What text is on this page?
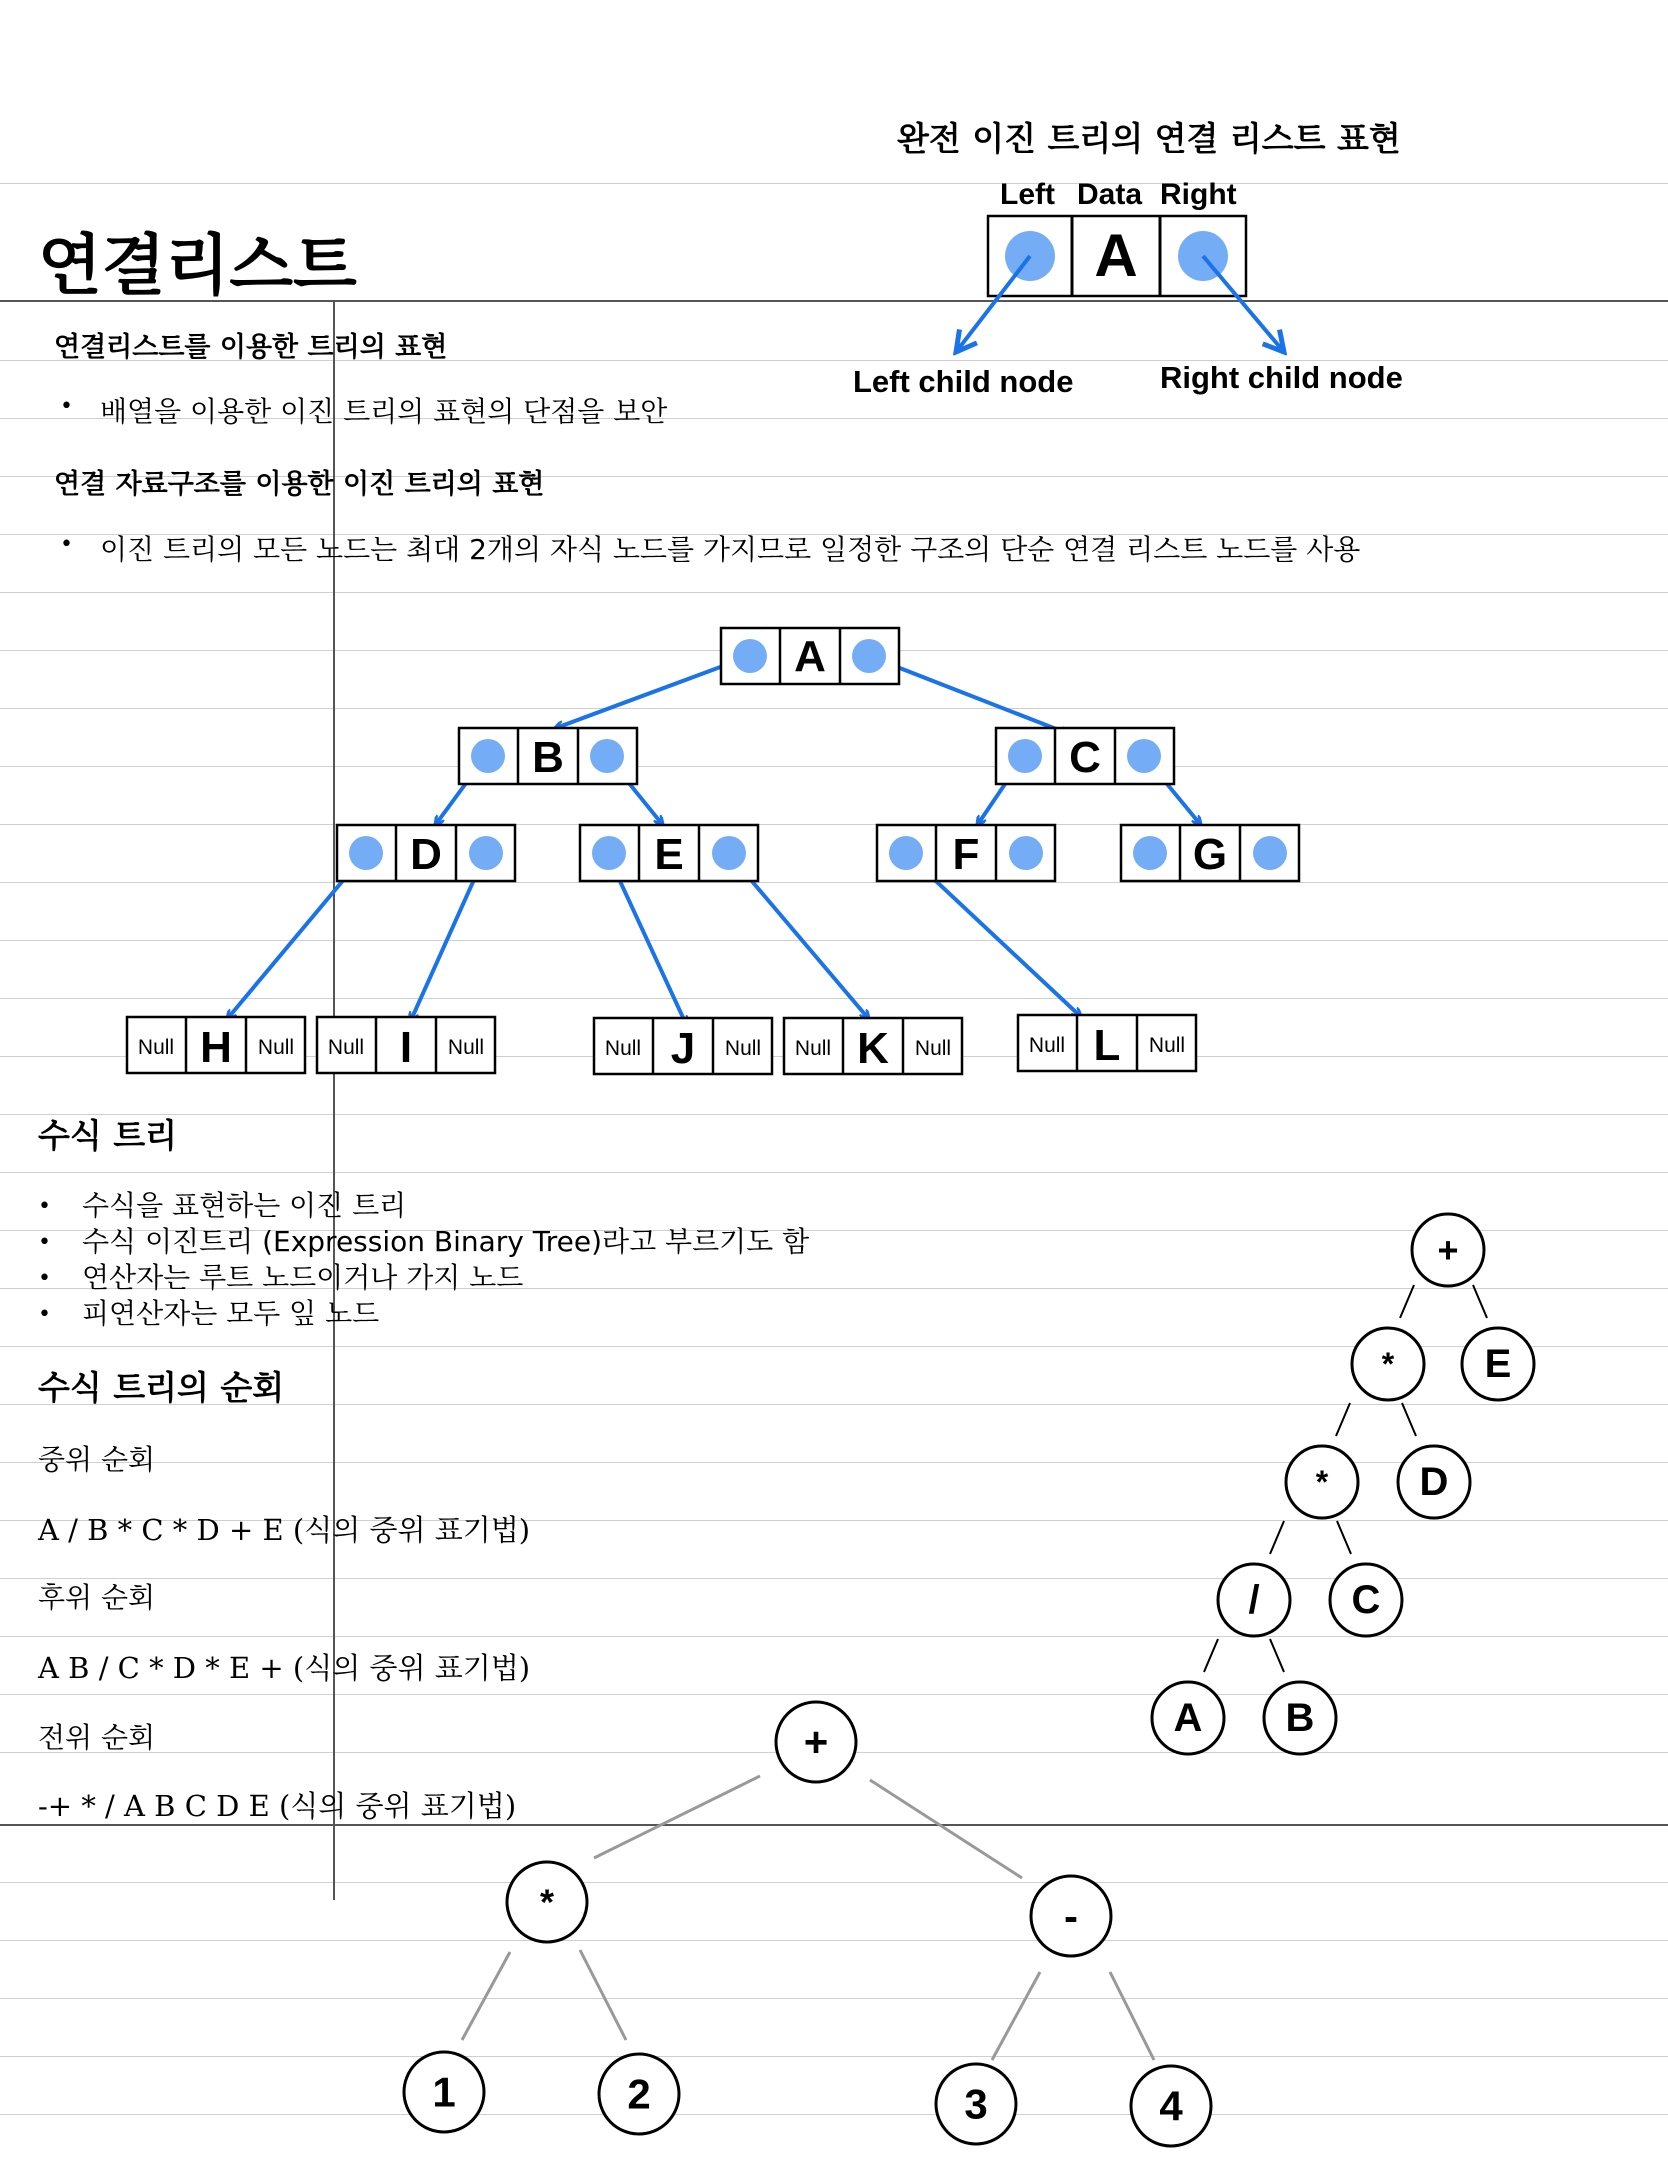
연결리스트
완전 이진 트리의 연결 리스트 표현
Left Data Right
Left child node	Right child node
연결리스트를 이용한 트리의 표현
• 배열을 이용한 이진 트리의 표현의 단점을 보안
연결 자료구조를 이용한 이진 트리의 표현
• 이진 트리의 모든 노드는 최대 2개의 자식 노드를 가지므로 일정한 구조의 단순 연결 리스트 노드를 사용
수식 트리
• 수식을 표현하는 이진 트리
• 수식 이진트리 (Expression Binary Tree)라고 부르기도 함
• 연산자는 루트 노드이거나 가지 노드
• 피연산자는 모두 잎 노드
수식 트리의 순회
중위 순회
A / B * C * D + E (식의 중위 표기법)
후위 순회
A B / C * D * E + (식의 중위 표기법)
전위 순회
-+ * / A B C D E (식의 중위 표기법)
A
A
B	C
D	E	F	G
Null H Null Null I Null	Null J Null Null K Null	Null L Null
+
* E
* D
/ C
A B
+
*	-
1	2	3	4
